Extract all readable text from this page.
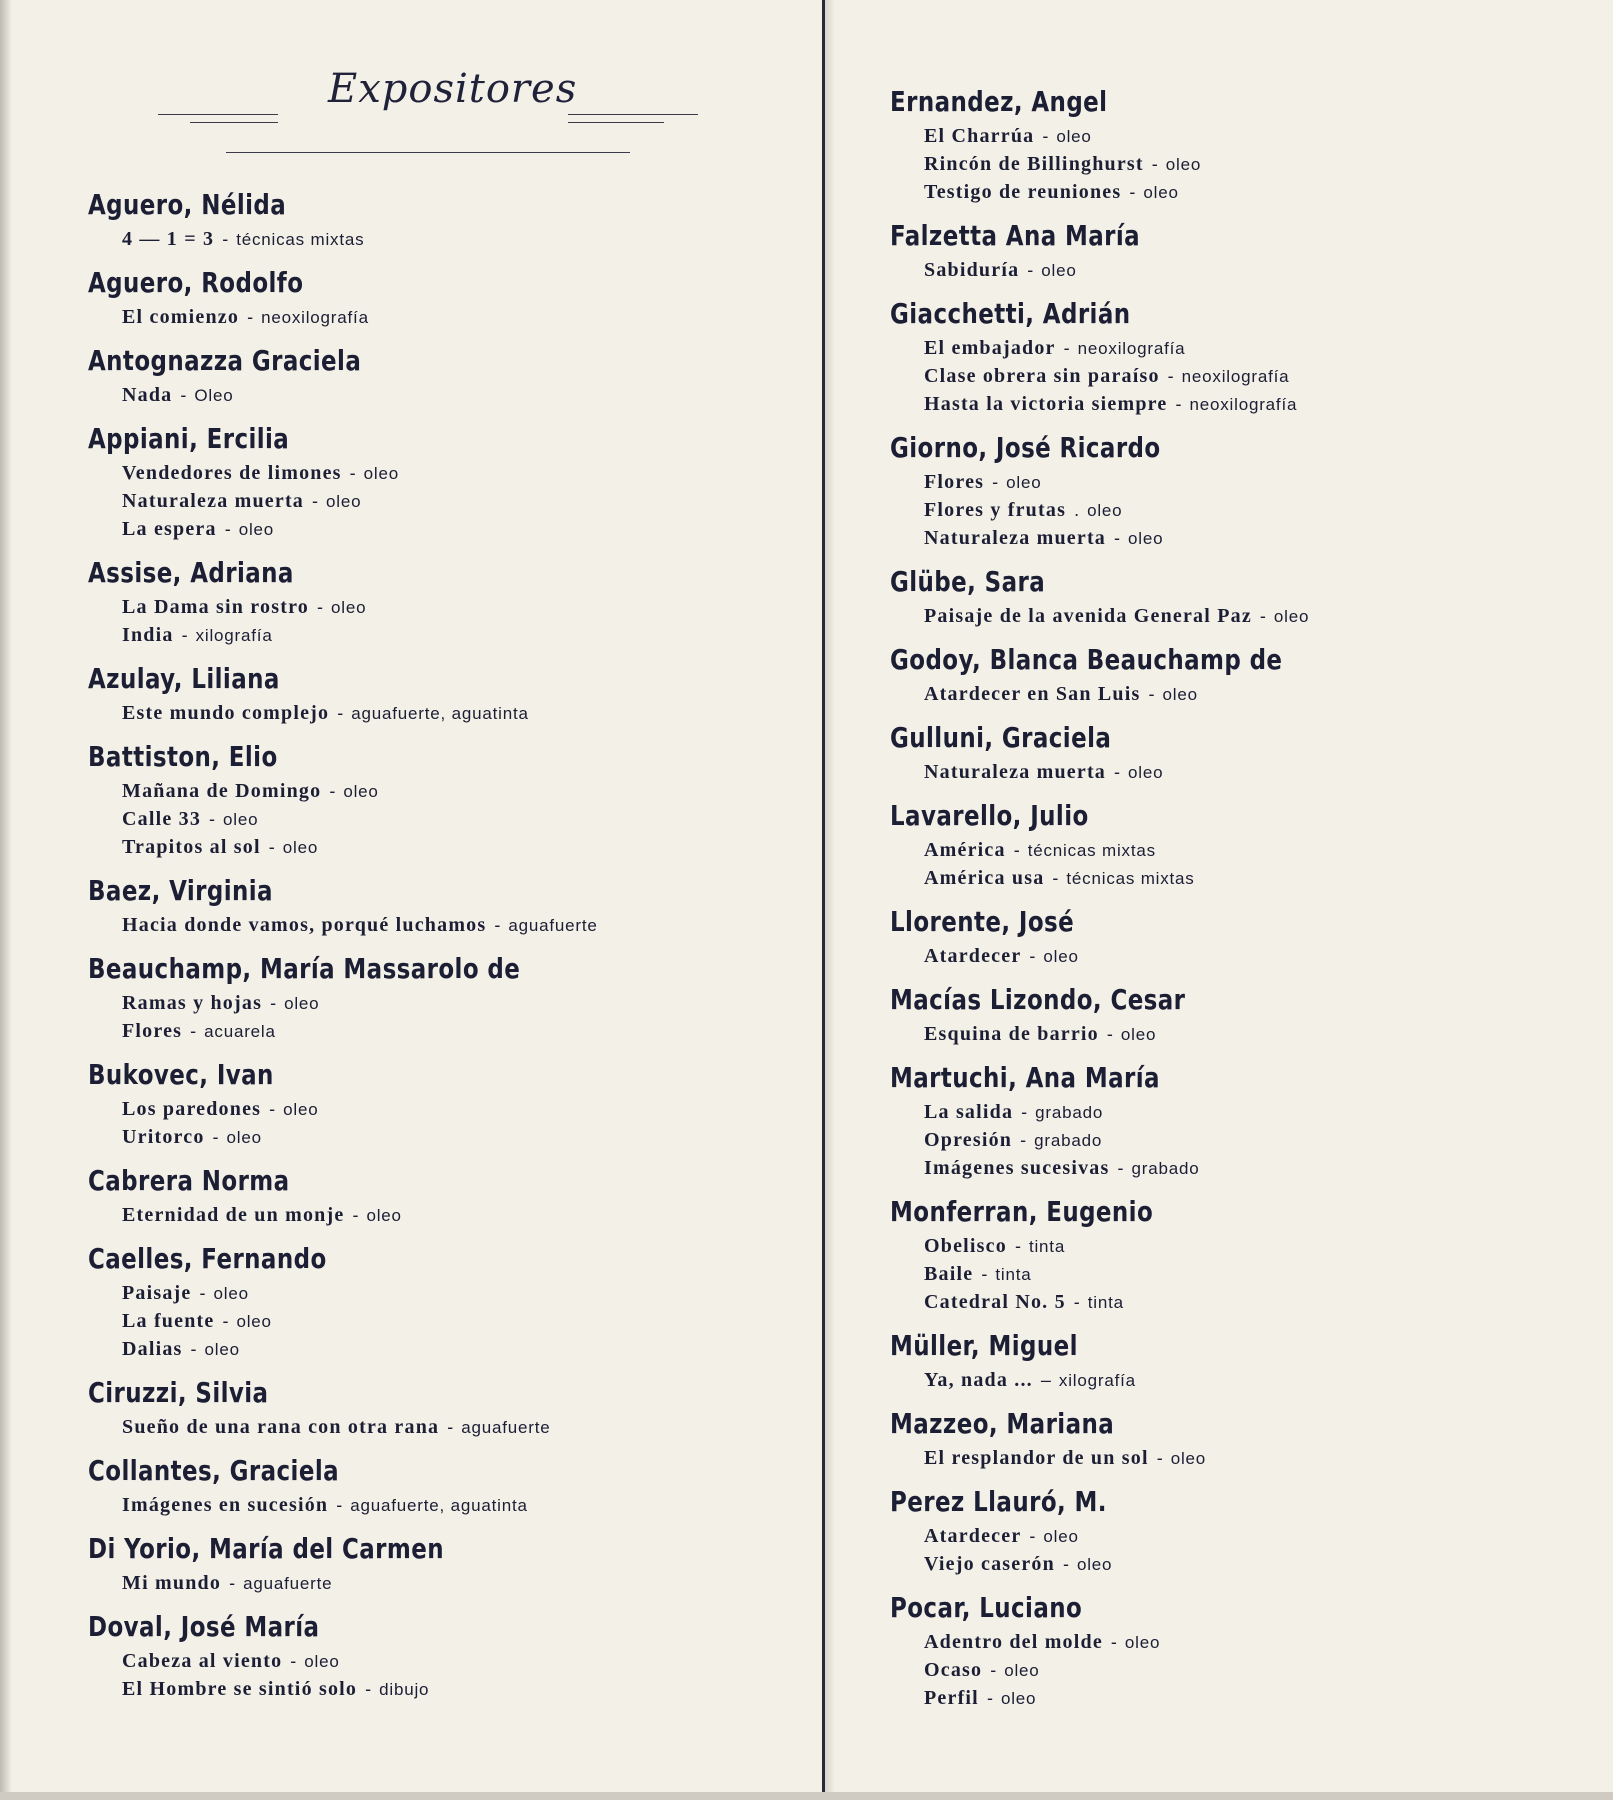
Expositores
Aguero, Nélida
4 — 1 = 3 - técnicas mixtas
Aguero, Rodolfo
El comienzo - neoxilografía
Antognazza Graciela
Nada - Oleo
Appiani, Ercilia
Vendedores de limones - oleo
Naturaleza muerta - oleo
La espera - oleo
Assise, Adriana
La Dama sin rostro - oleo
India - xilografía
Azulay, Liliana
Este mundo complejo - aguafuerte, aguatinta
Battiston, Elio
Mañana de Domingo - oleo
Calle 33 - oleo
Trapitos al sol - oleo
Baez, Virginia
Hacia donde vamos, porqué luchamos - aguafuerte
Beauchamp, María Massarolo de
Ramas y hojas - oleo
Flores - acuarela
Bukovec, Ivan
Los paredones - oleo
Uritorco - oleo
Cabrera Norma
Eternidad de un monje - oleo
Caelles, Fernando
Paisaje - oleo
La fuente - oleo
Dalias - oleo
Ciruzzi, Silvia
Sueño de una rana con otra rana - aguafuerte
Collantes, Graciela
Imágenes en sucesión - aguafuerte, aguatinta
Di Yorio, María del Carmen
Mi mundo - aguafuerte
Doval, José María
Cabeza al viento - oleo
El Hombre se sintió solo - dibujo
Ernandez, Angel
El Charrúa - oleo
Rincón de Billinghurst - oleo
Testigo de reuniones - oleo
Falzetta Ana María
Sabiduría - oleo
Giacchetti, Adrián
El embajador - neoxilografía
Clase obrera sin paraíso - neoxilografía
Hasta la victoria siempre - neoxilografía
Giorno, José Ricardo
Flores - oleo
Flores y frutas . oleo
Naturaleza muerta - oleo
Glübe, Sara
Paisaje de la avenida General Paz - oleo
Godoy, Blanca Beauchamp de
Atardecer en San Luis - oleo
Gulluni, Graciela
Naturaleza muerta - oleo
Lavarello, Julio
América - técnicas mixtas
América usa - técnicas mixtas
Llorente, José
Atardecer - oleo
Macías Lizondo, Cesar
Esquina de barrio - oleo
Martuchi, Ana María
La salida - grabado
Opresión - grabado
Imágenes sucesivas - grabado
Monferran, Eugenio
Obelisco - tinta
Baile - tinta
Catedral No. 5 - tinta
Müller, Miguel
Ya, nada ... – xilografía
Mazzeo, Mariana
El resplandor de un sol - oleo
Perez Llauró, M.
Atardecer - oleo
Viejo caserón - oleo
Pocar, Luciano
Adentro del molde - oleo
Ocaso - oleo
Perfil - oleo
